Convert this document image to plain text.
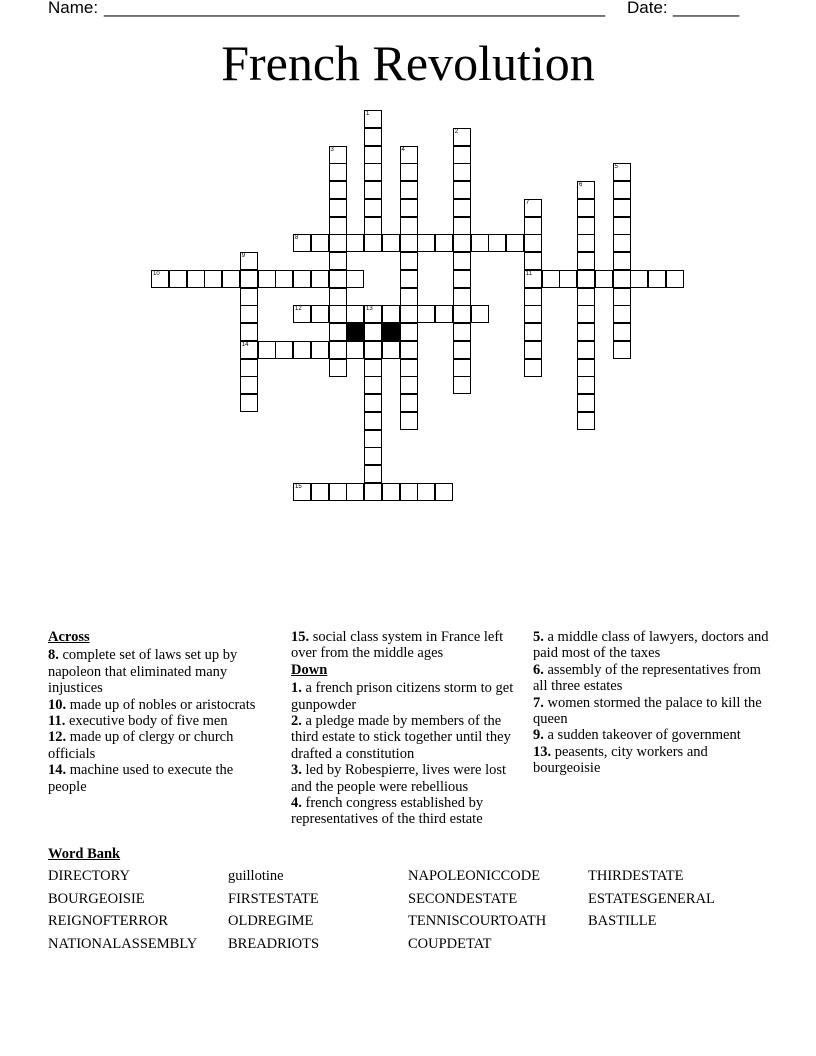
Name: _____________________________________________________ Date: _______
French Revolution
1
2
3	4
5
6
7
11
8
9
14
10
12	13
15
Across
8. complete set of laws set up by napoleon that eliminated many injustices
10. made up of nobles or aristocrats
11. executive body of five men
12. made up of clergy or church officials
14. machine used to execute the people
15. social class system in France left over from the middle ages
Down
1. a french prison citizens storm to get gunpowder
2. a pledge made by members of the third estate to stick together until they drafted a constitution
3. led by Robespierre, lives were lost and the people were rebellious
4. french congress established by representatives of the third estate
5. a middle class of lawyers, doctors and paid most of the taxes
6. assembly of the representatives from all three estates
7. women stormed the palace to kill the queen
9. a sudden takeover of government
13. peasents, city workers and bourgeoisie
Word Bank
DIRECTORY	guillotine	NAPOLEONICCODE	THIRDESTATE
BOURGEOISIE	FIRSTESTATE	SECONDESTATE	ESTATESGENERAL
REIGNOFTERROR	OLDREGIME	TENNISCOURTOATH	BASTILLE
NATIONALASSEMBLY BREADRIOTS	COUPDETAT
